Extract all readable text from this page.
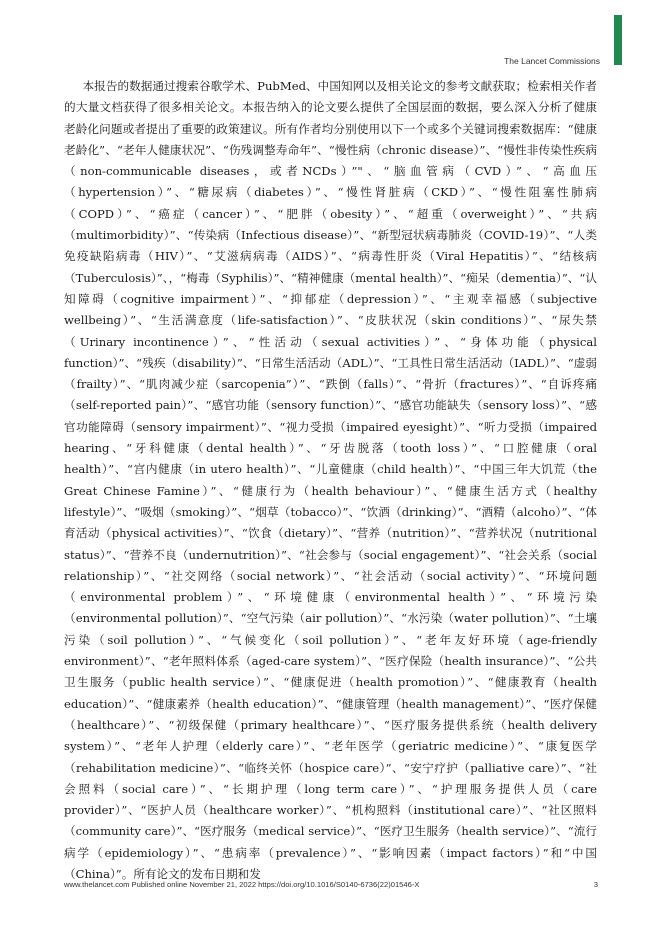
The Lancet Commissions

本报告的数据通过搜索谷歌学术、PubMed、中国知网以及相关论文的参考文献获取；检索相关作者的大量文档获得了很多相关论文。本报告纳入的论文要么提供了全国层面的数据，要么深入分析了健康老龄化问题或者提出了重要的政策建议。所有作者均分别使用以下一个或多个关键词搜索数据库：“健康老龄化”、“老年人健康状况”、“伤残调整寿命年”、“慢性病（chronic disease）”、“慢性非传染性疾病（non-communicable diseases，或者NCDs）”"、“脑血管病（CVD）”、“高血压（hypertension）”、“糖尿病（diabetes）”、“慢性肾脏病（CKD）”、“慢性阻塞性肺病（COPD）”、“癌症（cancer）”、“肥胖（obesity）”、“超重（overweight）”、“共病（multimorbidity）”、“传染病（Infectious disease）”、“新型冠状病毒肺炎（COVID-19）”、“人类免疫缺陷病毒（HIV）”、“艾滋病病毒（AIDS）”、“病毒性肝炎（Viral Hepatitis）”、“结核病（Tuberculosis）”、，“梅毒（Syphilis）”、“精神健康（mental health）”、“痴呆（dementia）”、“认知障碍（cognitive impairment）”、“抑郁症（depression）”、“主观幸福感（subjective wellbeing）”、“生活满意度（life-satisfaction）”、“皮肤状况（skin conditions）”、“尿失禁（Urinary incontinence）”、“性活动（sexual activities）”、“身体功能（physical function）”、“残疾（disability）”、“日常生活活动（ADL）”、“工具性日常生活活动（IADL）”、“虚弱（frailty）”、“肌肉减少症（sarcopenia”）”、“跌倒（falls）”、“骨折（fractures）”、“自诉疼痛（self-reported pain）”、“感官功能（sensory function）”、“感官功能缺失（sensory loss）”、“感官功能障碍（sensory impairment）”、“视力受损（impaired eyesight）”、“听力受损（impaired hearing、“牙科健康（dental health）”、“牙齿脱落（tooth loss）”、“口腔健康（oral health）”、“宫内健康（in utero health）”、“儿童健康（child health）”、“中国三年大饥荒（the Great Chinese Famine）”、“健康行为（health behaviour）”、“健康生活方式（healthy lifestyle）”、“吸烟（smoking）”、“烟草（tobacco）”、“饮酒（drinking）”、“酒精（alcoho）”、“体育活动（physical activities）”、“饮食（dietary）”、“营养（nutrition）”、“营养状况（nutritional status）”、“营养不良（undernutrition）”、“社会参与（social engagement）”、“社会关系（social relationship）”、“社交网络（social network）”、“社会活动（social activity）”、“环境问题（environmental problem）”、“环境健康（environmental health）”、“环境污染（environmental pollution）”、“空气污染（air pollution）”、“水污染（water pollution）”、“土壤污染（soil pollution）”、“气候变化（soil pollution）”、“老年友好环境（age-friendly environment）”、“老年照料体系（aged-care system）”、“医疗保险（health insurance）”、“公共卫生服务（public health service）”、“健康促进（health promotion）”、“健康教育（health education）”、“健康素养（health education）”、“健康管理（health management）”、“医疗保健（healthcare）”、“初级保健（primary healthcare）”、“医疗服务提供系统（health delivery system）”、“老年人护理（elderly care）”、“老年医学（geriatric medicine）”、“康复医学（rehabilitation medicine）”、“临终关怀（hospice care）”、“安宁疗护（palliative care）”、“社会照料（social care）”、“长期护理（long term care）”、“护理服务提供人员（care provider）”、“医护人员（healthcare worker）”、“机构照料（institutional care）”、“社区照料（community care）”、“医疗服务（medical service）”、“医疗卫生服务（health service）”、“流行病学（epidemiology）”、“患病率（prevalence）”、“影响因素（impact factors）”和“中国（China）”。所有论文的发布日期和发

www.thelancet.com Published online November 21, 2022 https://doi.org/10.1016/S0140-6736(22)01546-X	3
